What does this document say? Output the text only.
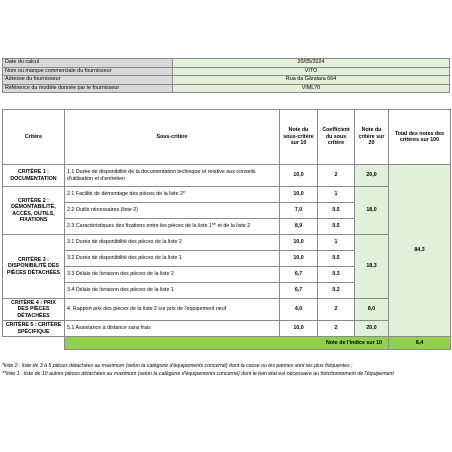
Date du calcul	20/05/2024
Nom ou marque commerciale du fournisseur	VITO
Adresse du fournisseur	Rua da Gândara 664
Référence du modèle donnée par le fournisseur	VIML70
Critère	Sous-critère	Note du sous-critère sur 10	Coefficient du sous critère	Note du critère sur 20	Total des notes des critères sur 100
CRITÈRE 1 : DOCUMENTATION	1.1 Durée de disponibilité de la documentation technique et relative aux conseils d'utilisation et d'entretien	10,0	2	20,0	84,3
CRITÈRE 2 : DÉMONTABILITÉ, ACCÈS, OUTILS, FIXATIONS	2.1 Facilité de démontage des pièces de la liste 2*	10,0	1	18,0	
	2.2 Outils nécessaires (liste 2)	7,0	0,5		
	2.3 Caractéristiques des fixations entre les pièces de la liste 1** et de la liste 2	8,9	0,5		
CRITÈRE 3 : DISPONIBILITÉ DES PIÈCES DÉTACHÉES	3.1 Durée de disponibilité des pièces de la liste 2	10,0	1	18,3	
	3.2 Durée de disponibilité des pièces de la liste 1	10,0	0,5		
	3.3 Délais de livraison des pièces de la liste 2	6,7	0,3		
	3.4 Délais de livraison des pièces de la liste 1	6,7	0,2		
CRITÈRE 4 : PRIX DES PIÈCES DÉTACHÉES	4. Rapport prix des pièces de la liste 2 sur prix de l'équipement neuf	4,0	2	8,0	
CRITÈRE 5 : CRITÈRE SPÉCIFIQUE	5.1 Assistance à distance sans frais	10,0	2	20,0	
	Note de l'indice sur 10				8,4
*liste 2 : liste de 3 à 5 pièces détachées au maximum (selon la catégorie d'équipements concerné) dont la casse ou les pannes sont les plus fréquentes ;
**liste 1 : liste de 10 autres pièces détachées au maximum (selon la catégorie d'équipements concerné) dont le bon état est nécessaire au fonctionnement de l'équipement
